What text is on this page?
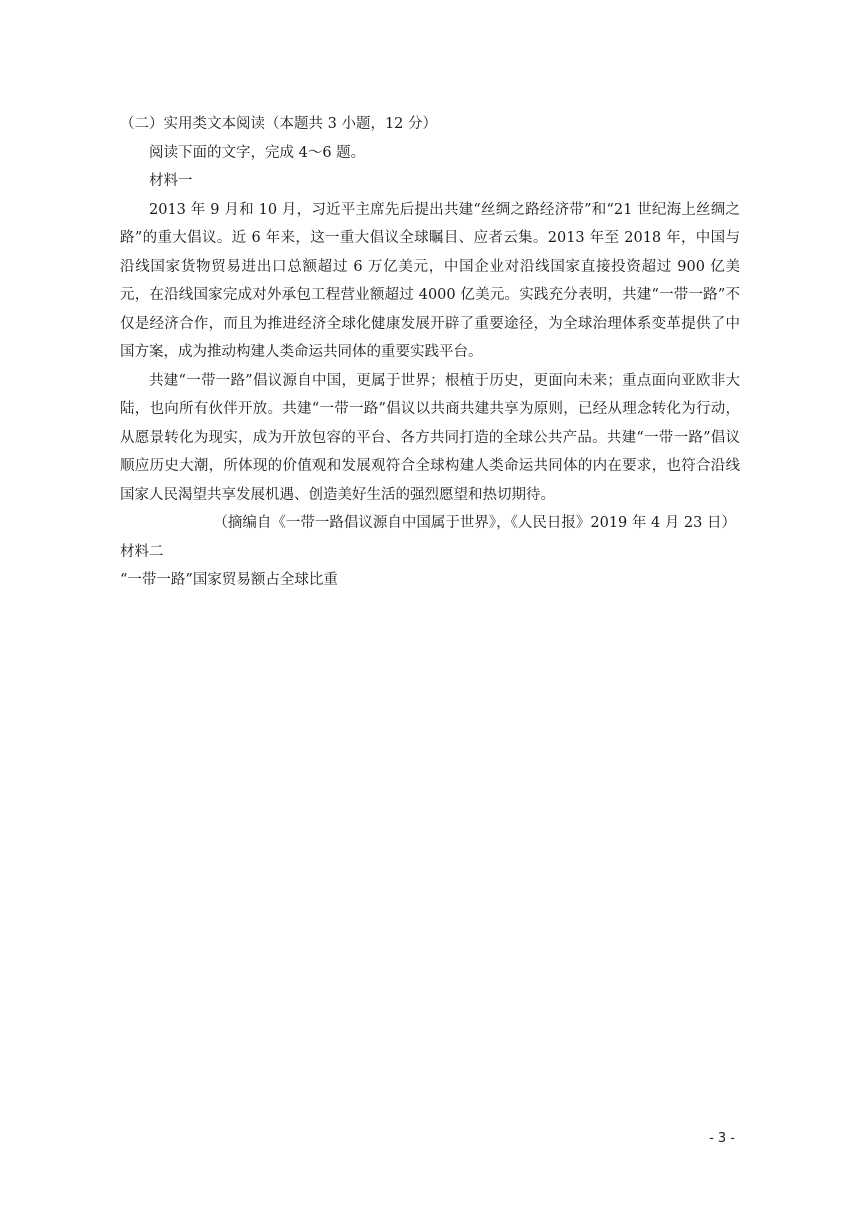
（二）实用类文本阅读（本题共 3 小题，12 分）

阅读下面的文字，完成 4～6 题。

材料一

2013 年 9 月和 10 月，习近平主席先后提出共建“丝绸之路经济带”和“21 世纪海上丝绸之路”的重大倡议。近 6 年来，这一重大倡议全球瞩目、应者云集。2013 年至 2018 年，中国与沿线国家货物贸易进出口总额超过 6 万亿美元，中国企业对沿线国家直接投资超过 900 亿美元，在沿线国家完成对外承包工程营业额超过 4000 亿美元。实践充分表明，共建“一带一路”不仅是经济合作，而且为推进经济全球化健康发展开辟了重要途径，为全球治理体系变革提供了中国方案，成为推动构建人类命运共同体的重要实践平台。

共建“一带一路”倡议源自中国，更属于世界；根植于历史，更面向未来；重点面向亚欧非大陆，也向所有伙伴开放。共建“一带一路”倡议以共商共建共享为原则，已经从理念转化为行动，从愿景转化为现实，成为开放包容的平台、各方共同打造的全球公共产品。共建“一带一路”倡议顺应历史大潮，所体现的价值观和发展观符合全球构建人类命运共同体的内在要求，也符合沿线国家人民渴望共享发展机遇、创造美好生活的强烈愿望和热切期待。

（摘编自《一带一路倡议源自中国属于世界》，《人民日报》2019 年 4 月 23 日）

材料二

“一带一路”国家贸易额占全球比重

- 3 -
